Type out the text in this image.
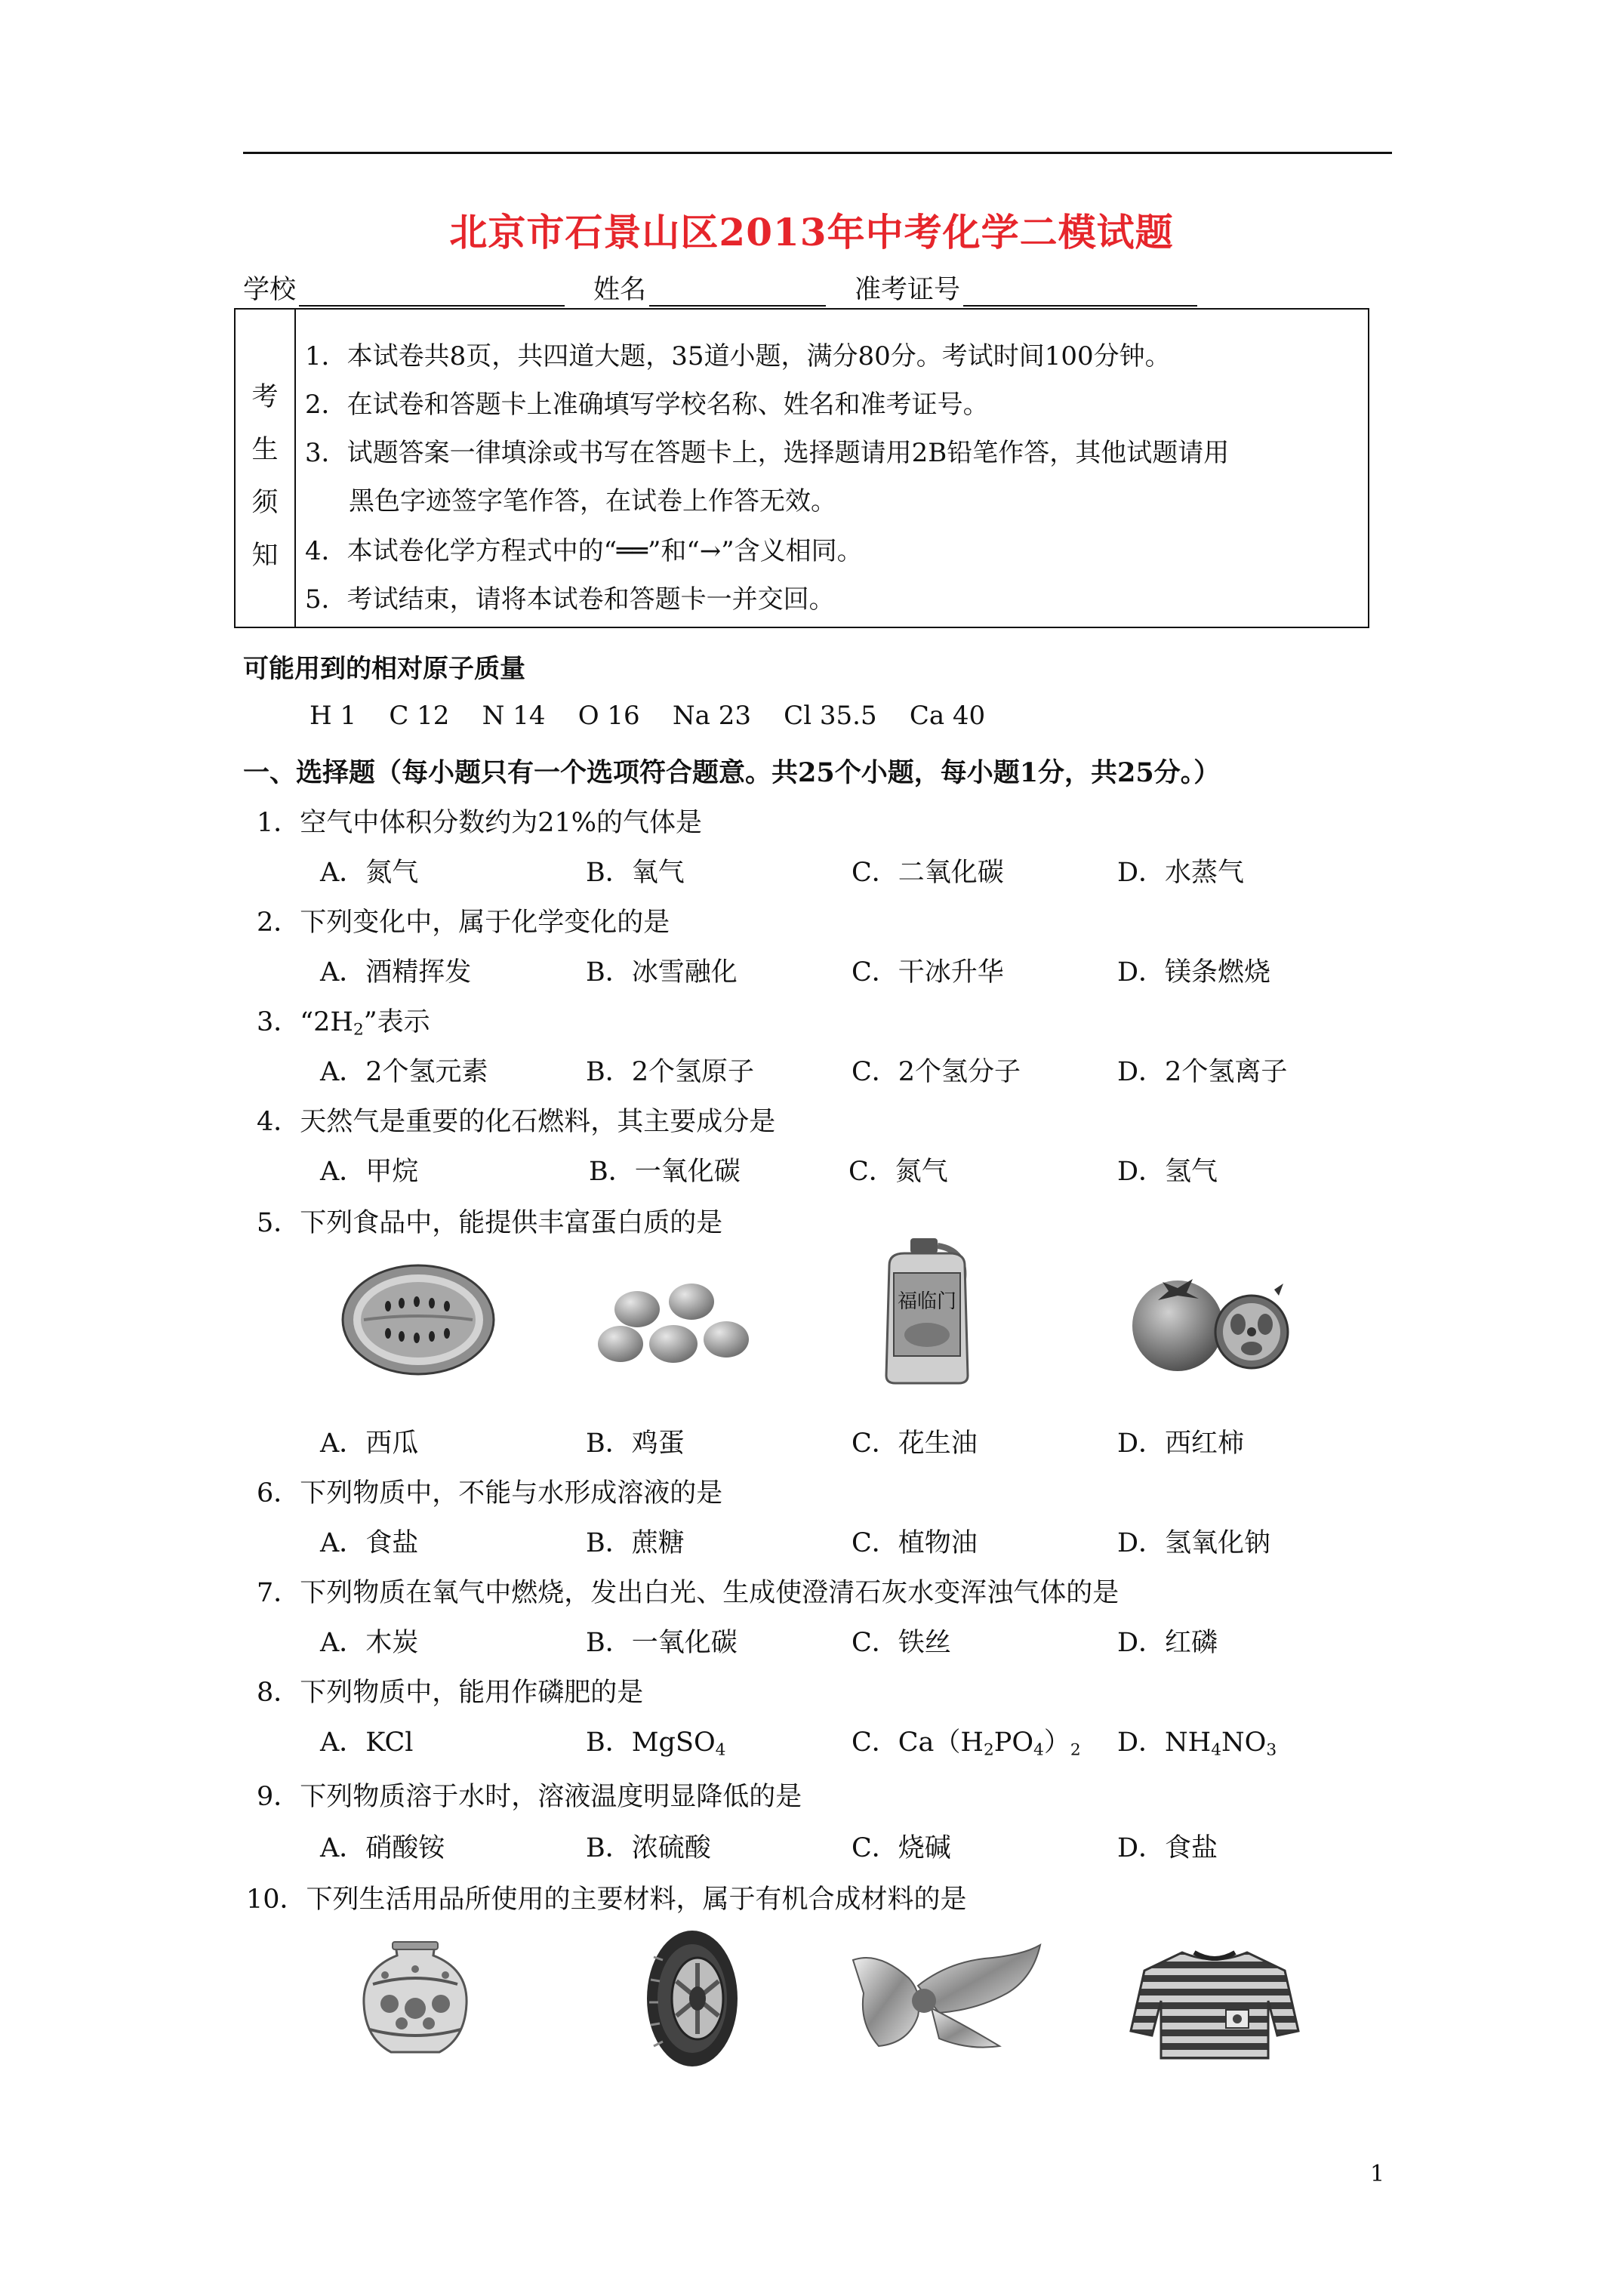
北京市石景山区2013年中考化学二模试题
学校	姓名	准考证号
考
生
须
知
1．本试卷共8页，共四道大题，35道小题，满分80分。考试时间100分钟。
2．在试卷和答题卡上准确填写学校名称、姓名和准考证号。
3．试题答案一律填涂或书写在答题卡上，选择题请用2B铅笔作答，其他试题请用
黑色字迹签字笔作答，在试卷上作答无效。
4．本试卷化学方程式中的“══”和“→”含义相同。
5．考试结束，请将本试卷和答题卡一并交回。
可能用到的相对原子质量
H 1    C 12    N 14    O 16    Na 23    Cl 35.5    Ca 40
一、选择题（每小题只有一个选项符合题意。共25个小题，每小题1分，共25分。）
1．空气中体积分数约为21%的气体是
A．氮气	B．氧气	C．二氧化碳	D．水蒸气
2．下列变化中，属于化学变化的是
A．酒精挥发	B．冰雪融化	C．干冰升华	D．镁条燃烧
3．“$2H_2$”表示
A．2个氢元素	B．2个氢原子	C．2个氢分子	D．2个氢离子
4．天然气是重要的化石燃料，其主要成分是
A．甲烷	B．一氧化碳	C．氮气	D．氢气
5．下列食品中，能提供丰富蛋白质的是
福临门
A．西瓜	B．鸡蛋	C．花生油	D．西红柿
6．下列物质中，不能与水形成溶液的是
A．食盐	B．蔗糖	C．植物油	D．氢氧化钠
7．下列物质在氧气中燃烧，发出白光、生成使澄清石灰水变浑浊气体的是
A．木炭	B．一氧化碳	C．铁丝	D．红磷
8．下列物质中，能用作磷肥的是
A．KCl	B．MgSO$_4$	C．$Ca(H_2PO_4)_2$ D．$NH_4NO_3$
9．下列物质溶于水时，溶液温度明显降低的是
A．硝酸铵	B．浓硫酸	C．烧碱	D．食盐
10．下列生活用品所使用的主要材料，属于有机合成材料的是
1
